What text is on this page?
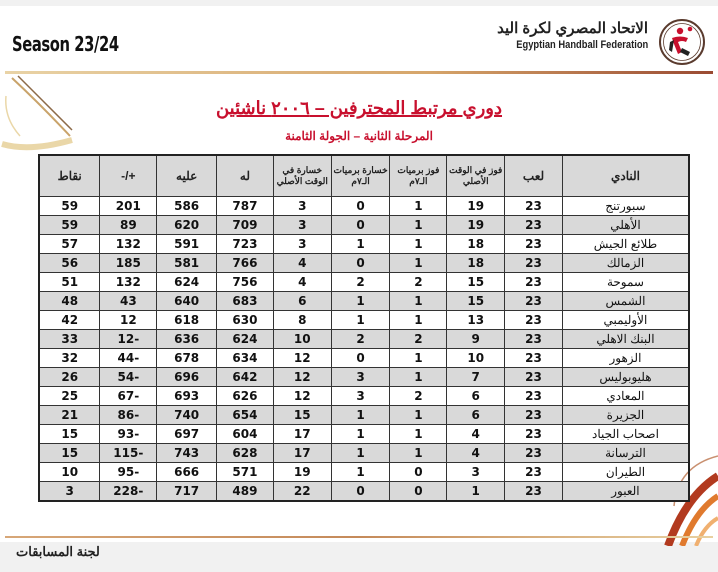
Season 23/24
الاتحاد المصري لكرة اليد
Egyptian Handball Federation
دوري مرتبط المحترفين – ٢٠٠٦ ناشئين
المرحلة الثانية – الجولة الثامنة
النادي	لعب	فوز في الوقت الأصلي	فوز برميات الـ٧م	خسارة برميات الـ٧م	خسارة في الوقت الأصلي	له	عليه	+/-	نقاط
سبورتنج	23	19	1	0	3	787	586	201	59
الأهلي	23	19	1	0	3	709	620	89	59
طلائع الجيش	23	18	1	1	3	723	591	132	57
الزمالك	23	18	1	0	4	766	581	185	56
سموحة	23	15	2	2	4	756	624	132	51
الشمس	23	15	1	1	6	683	640	43	48
الأوليمبي	23	13	1	1	8	630	618	12	42
البنك الاهلي	23	9	2	2	10	624	636	-12	33
الزهور	23	10	1	0	12	634	678	-44	32
هليوبوليس	23	7	1	3	12	642	696	-54	26
المعادي	23	6	2	3	12	626	693	-67	25
الجزيرة	23	6	1	1	15	654	740	-86	21
اصحاب الجياد	23	4	1	1	17	604	697	-93	15
الترسانة	23	4	1	1	17	628	743	-115	15
الطيران	23	3	0	1	19	571	666	-95	10
العبور	23	1	0	0	22	489	717	-228	3
لجنة المسابقات
